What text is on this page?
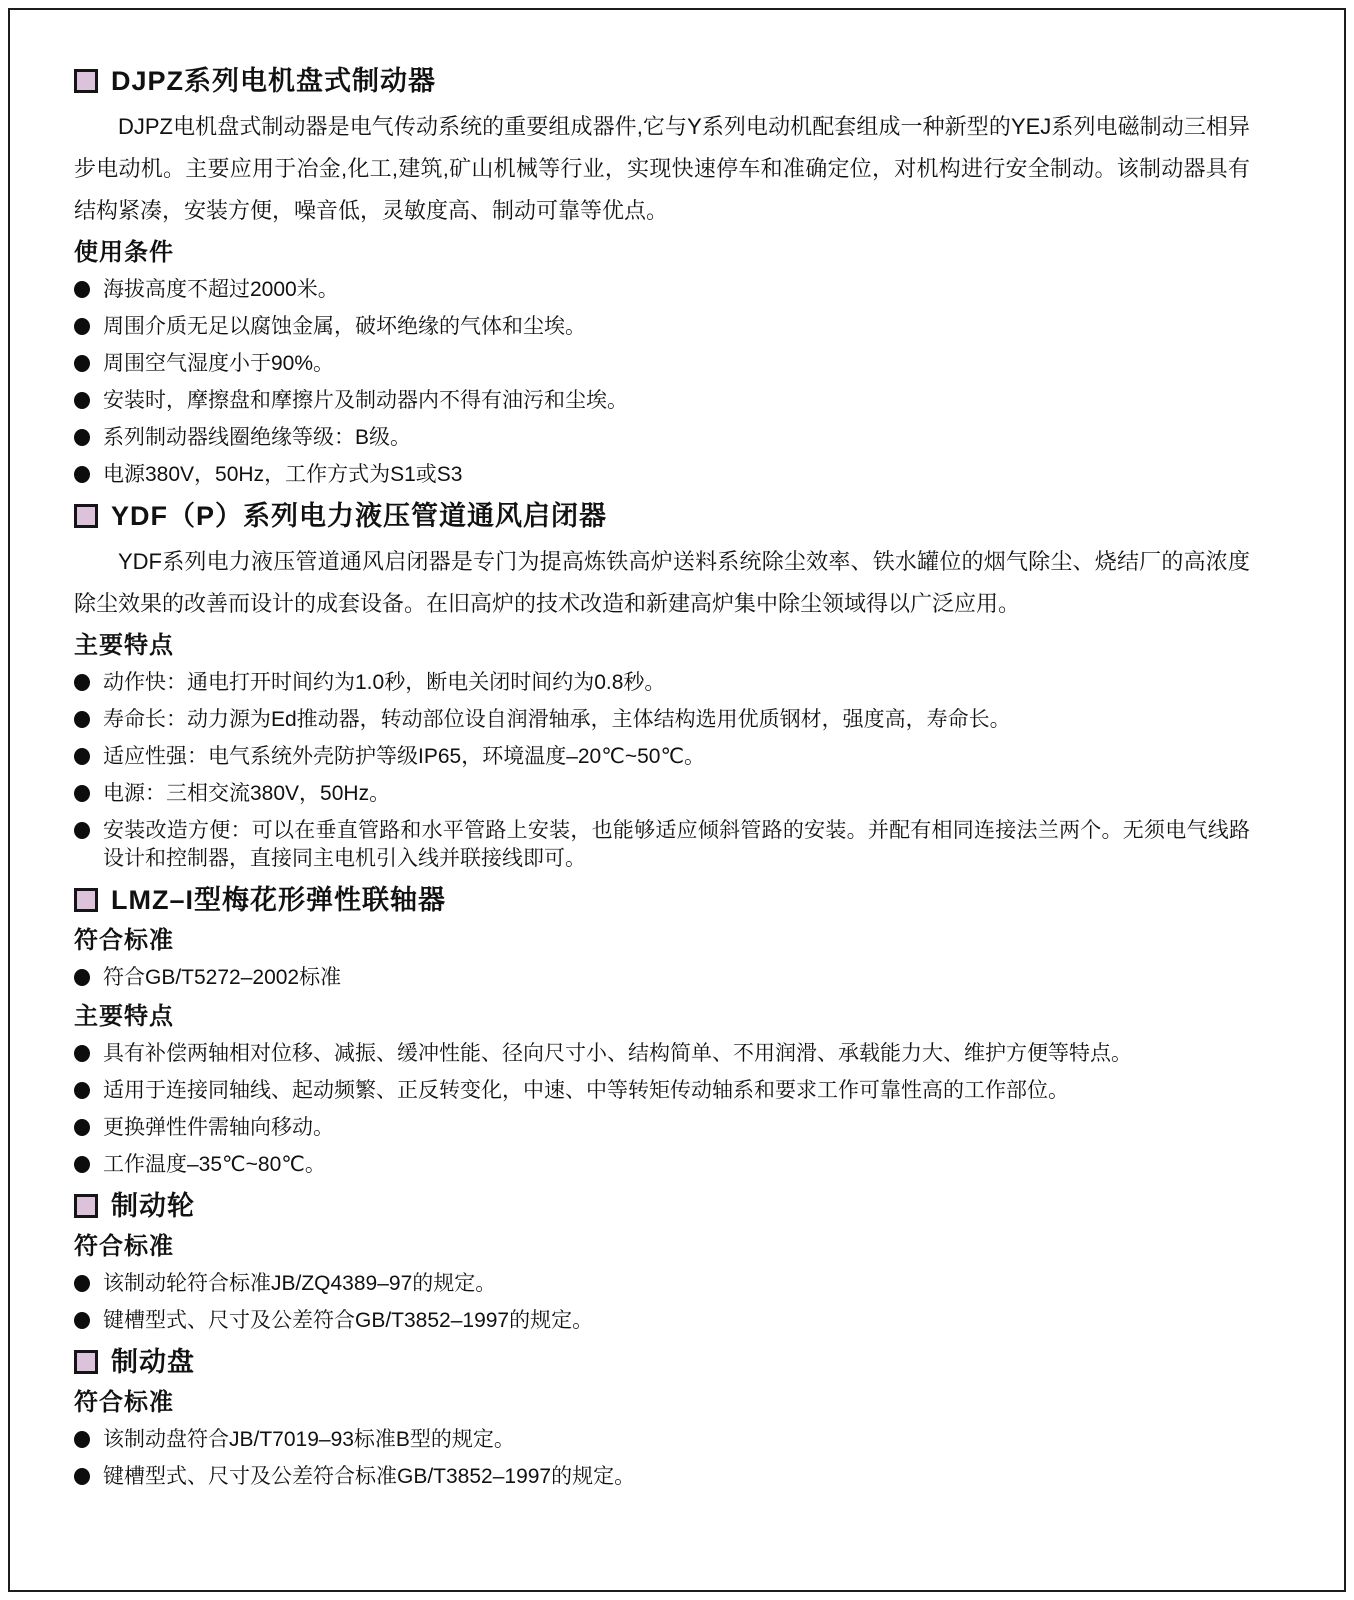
DJPZ系列电机盘式制动器
DJPZ电机盘式制动器是电气传动系统的重要组成器件,它与Y系列电动机配套组成一种新型的YEJ系列电磁制动三相异步电动机。主要应用于冶金,化工,建筑,矿山机械等行业，实现快速停车和准确定位，对机构进行安全制动。该制动器具有结构紧凑，安装方便，噪音低，灵敏度高、制动可靠等优点。
使用条件
海拔高度不超过2000米。
周围介质无足以腐蚀金属，破坏绝缘的气体和尘埃。
周围空气湿度小于90%。
安装时，摩擦盘和摩擦片及制动器内不得有油污和尘埃。
系列制动器线圈绝缘等级：B级。
电源380V，50Hz，工作方式为S1或S3
YDF（P）系列电力液压管道通风启闭器
YDF系列电力液压管道通风启闭器是专门为提高炼铁高炉送料系统除尘效率、铁水罐位的烟气除尘、烧结厂的高浓度除尘效果的改善而设计的成套设备。在旧高炉的技术改造和新建高炉集中除尘领域得以广泛应用。
主要特点
动作快：通电打开时间约为1.0秒，断电关闭时间约为0.8秒。
寿命长：动力源为Ed推动器，转动部位设自润滑轴承，主体结构选用优质钢材，强度高，寿命长。
适应性强：电气系统外壳防护等级IP65，环境温度–20℃~50℃。
电源：三相交流380V，50Hz。
安装改造方便：可以在垂直管路和水平管路上安装，也能够适应倾斜管路的安装。并配有相同连接法兰两个。无须电气线路设计和控制器，直接同主电机引入线并联接线即可。
LMZ–I型梅花形弹性联轴器
符合标准
符合GB/T5272–2002标准
主要特点
具有补偿两轴相对位移、减振、缓冲性能、径向尺寸小、结构简单、不用润滑、承载能力大、维护方便等特点。
适用于连接同轴线、起动频繁、正反转变化，中速、中等转矩传动轴系和要求工作可靠性高的工作部位。
更换弹性件需轴向移动。
工作温度–35℃~80℃。
制动轮
符合标准
该制动轮符合标准JB/ZQ4389–97的规定。
键槽型式、尺寸及公差符合GB/T3852–1997的规定。
制动盘
符合标准
该制动盘符合JB/T7019–93标准B型的规定。
键槽型式、尺寸及公差符合标准GB/T3852–1997的规定。
